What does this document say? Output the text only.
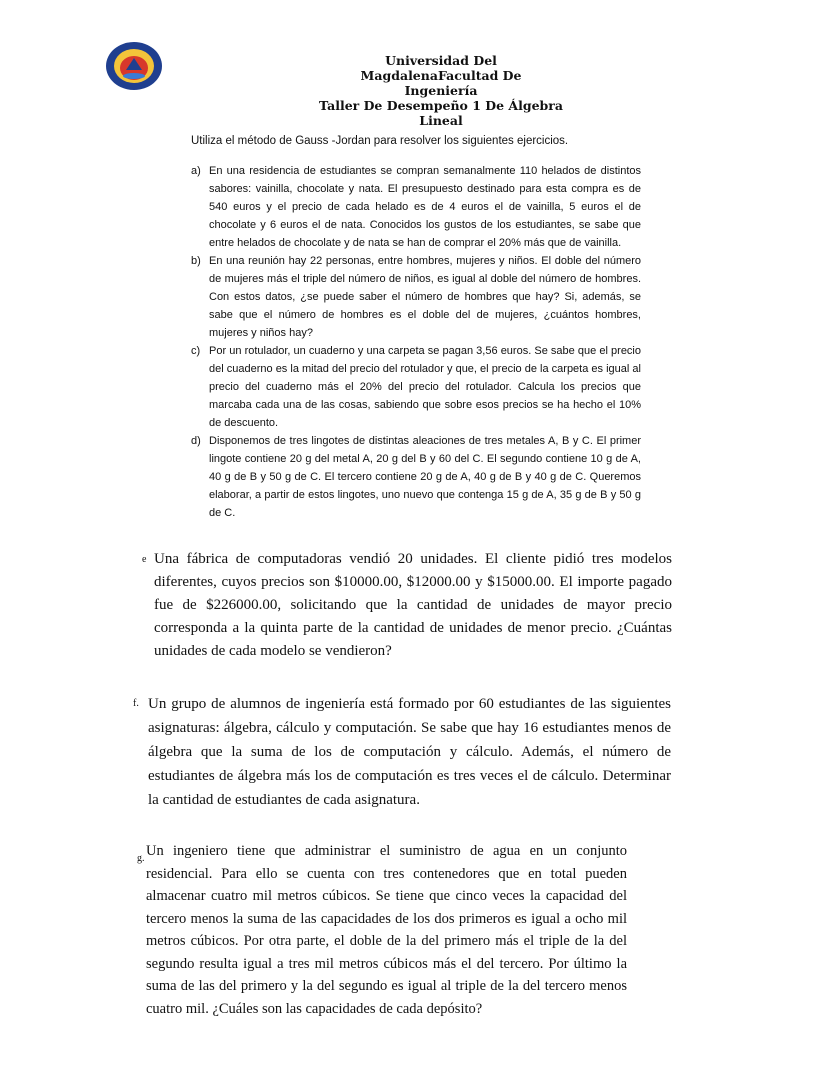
Universidad Del
MagdalenaFacultad De
Ingeniería
Taller De Desempeño 1 De Álgebra Lineal
Utiliza el método de Gauss -Jordan para resolver los siguientes ejercicios.
a) En una residencia de estudiantes se compran semanalmente 110 helados de distintos sabores: vainilla, chocolate y nata. El presupuesto destinado para esta compra es de 540 euros y el precio de cada helado es de 4 euros el de vainilla, 5 euros el de chocolate y 6 euros el de nata. Conocidos los gustos de los estudiantes, se sabe que entre helados de chocolate y de nata se han de comprar el 20% más que de vainilla.
b) En una reunión hay 22 personas, entre hombres, mujeres y niños. El doble del número de mujeres más el triple del número de niños, es igual al doble del número de hombres. Con estos datos, ¿se puede saber el número de hombres que hay? Si, además, se sabe que el número de hombres es el doble del de mujeres, ¿cuántos hombres, mujeres y niños hay?
c) Por un rotulador, un cuaderno y una carpeta se pagan 3,56 euros. Se sabe que el precio del cuaderno es la mitad del precio del rotulador y que, el precio de la carpeta es igual al precio del cuaderno más el 20% del precio del rotulador. Calcula los precios que marcaba cada una de las cosas, sabiendo que sobre esos precios se ha hecho el 10% de descuento.
d) Disponemos de tres lingotes de distintas aleaciones de tres metales A, B y C. El primer lingote contiene 20 g del metal A, 20 g del B y 60 del C. El segundo contiene 10 g de A, 40 g de B y 50 g de C. El tercero contiene 20 g de A, 40 g de B y 40 g de C. Queremos elaborar, a partir de estos lingotes, uno nuevo que contenga 15 g de A, 35 g de B y 50 g de C.
e Una fábrica de computadoras vendió 20 unidades. El cliente pidió tres modelos diferentes, cuyos precios son $10000.00, $12000.00 y $15000.00. El importe pagado fue de $226000.00, solicitando que la cantidad de unidades de mayor precio corresponda a la quinta parte de la cantidad de unidades de menor precio. ¿Cuántas unidades de cada modelo se vendieron?
f. Un grupo de alumnos de ingeniería está formado por 60 estudiantes de las siguientes asignaturas: álgebra, cálculo y computación. Se sabe que hay 16 estudiantes menos de álgebra que la suma de los de computación y cálculo. Además, el número de estudiantes de álgebra más los de computación es tres veces el de cálculo. Determinar la cantidad de estudiantes de cada asignatura.
g. Un ingeniero tiene que administrar el suministro de agua en un conjunto residencial. Para ello se cuenta con tres contenedores que en total pueden almacenar cuatro mil metros cúbicos. Se tiene que cinco veces la capacidad del tercero menos la suma de las capacidades de los dos primeros es igual a ocho mil metros cúbicos. Por otra parte, el doble de la del primero más el triple de la del segundo resulta igual a tres mil metros cúbicos más el del tercero. Por último la suma de las del primero y la del segundo es igual al triple de la del tercero menos cuatro mil. ¿Cuáles son las capacidades de cada depósito?
